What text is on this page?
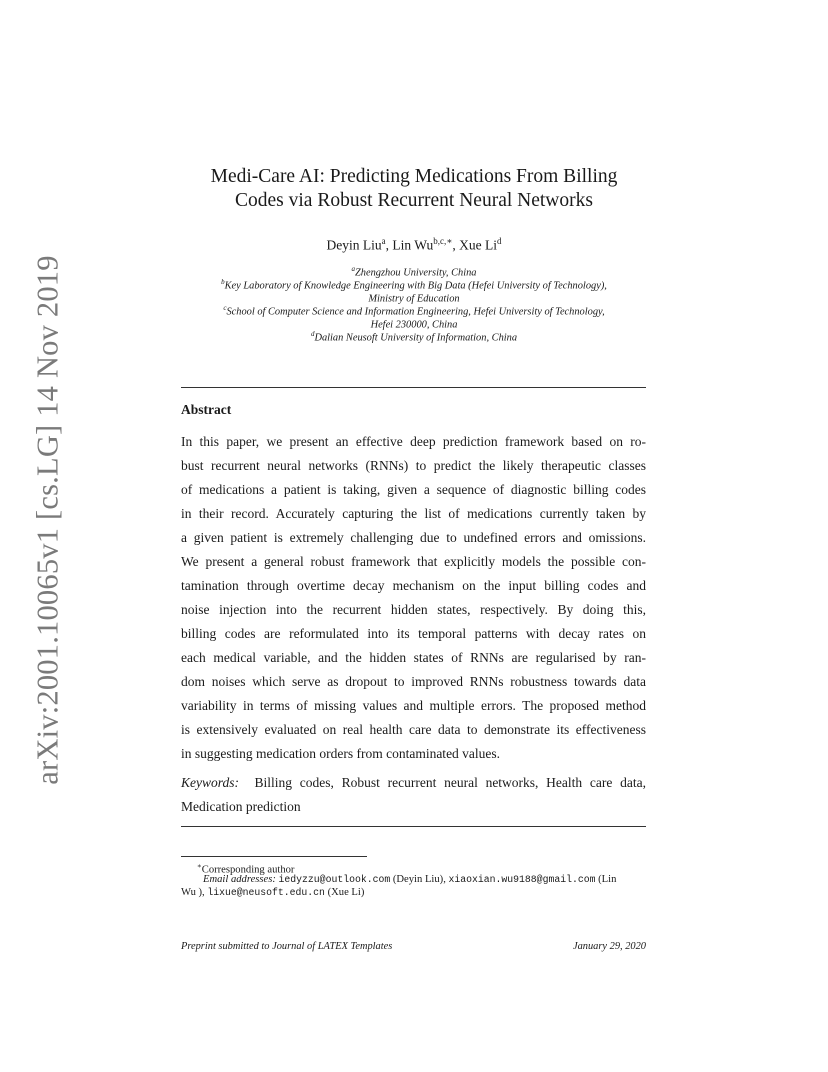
arXiv:2001.10065v1 [cs.LG] 14 Nov 2019
Medi-Care AI: Predicting Medications From Billing
Codes via Robust Recurrent Neural Networks
Deyin Liu$^a$, Lin $Wu^{b,c,∗}$, Xue Li$^d$
$^a$Zhengzhou University, China
$^b$Key Laboratory of Knowledge Engineering with Big Data (Hefei University of Technology),
Ministry of Education
$^c$School of Computer Science and Information Engineering, Hefei University of Technology,
Hefei 230000, China
$^d$Dalian Neusoft University of Information, China
Abstract
In this paper, we present an effective deep prediction framework based on ro-
bust recurrent neural networks (RNNs) to predict the likely therapeutic classes
of medications a patient is taking, given a sequence of diagnostic billing codes
in their record. Accurately capturing the list of medications currently taken by
a given patient is extremely challenging due to undefined errors and omissions.
We present a general robust framework that explicitly models the possible con-
tamination through overtime decay mechanism on the input billing codes and
noise injection into the recurrent hidden states, respectively. By doing this,
billing codes are reformulated into its temporal patterns with decay rates on
each medical variable, and the hidden states of RNNs are regularised by ran-
dom noises which serve as dropout to improved RNNs robustness towards data
variability in terms of missing values and multiple errors. The proposed method
is extensively evaluated on real health care data to demonstrate its effectiveness
in suggesting medication orders from contaminated values.
Keywords: Billing codes, Robust recurrent neural networks, Health care data,
Medication prediction
∗Corresponding author
Email addresses: iedyzzu@outlook.com (Deyin Liu), xiaoxian.wu9188@gmail.com (Lin
Wu ), lixue@neusoft.edu.cn (Xue Li)
Preprint submitted to Journal of LATEX Templates	January 29, 2020
